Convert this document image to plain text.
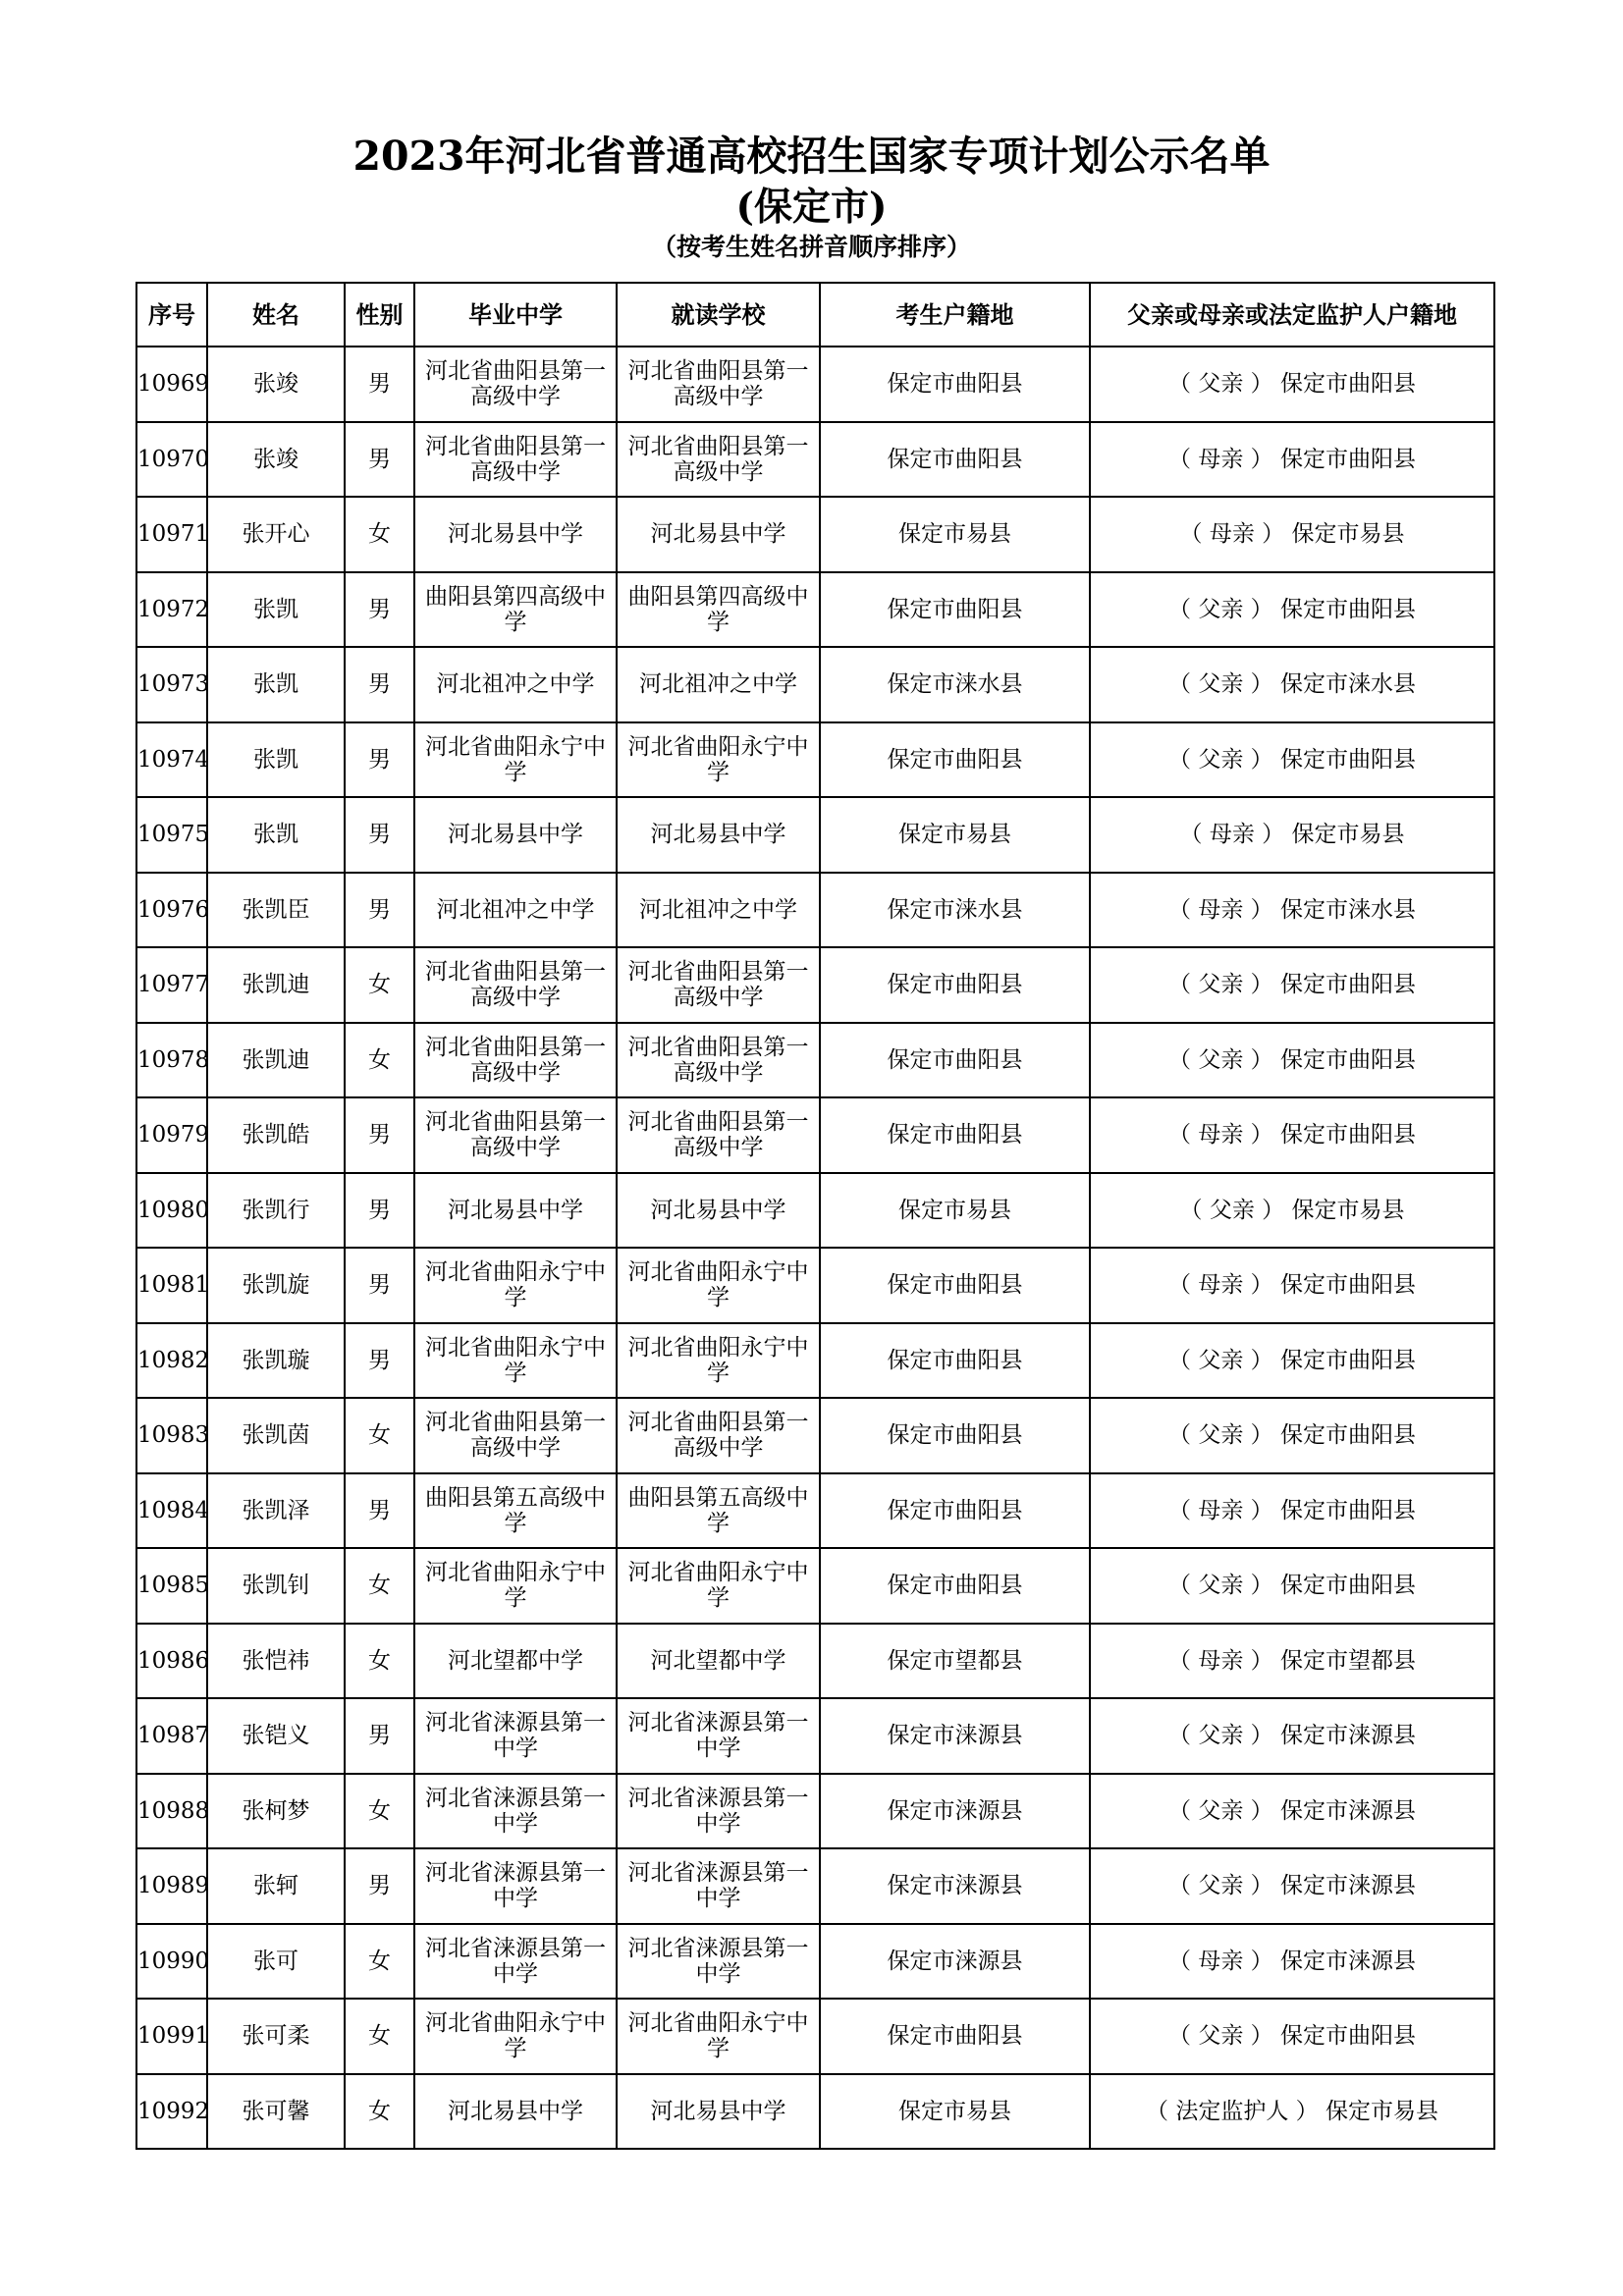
2023年河北省普通高校招生国家专项计划公示名单
(保定市)
（按考生姓名拼音顺序排序）
序号	姓名	性别	毕业中学	就读学校	考生户籍地	父亲或母亲或法定监护人户籍地
10969	张竣	男	河北省曲阳县第一高级中学	河北省曲阳县第一高级中学	保定市曲阳县	（ 父亲 ） 保定市曲阳县
10970	张竣	男	河北省曲阳县第一高级中学	河北省曲阳县第一高级中学	保定市曲阳县	（ 母亲 ） 保定市曲阳县
10971	张开心	女	河北易县中学	河北易县中学	保定市易县	（ 母亲 ） 保定市易县
10972	张凯	男	曲阳县第四高级中学	曲阳县第四高级中学	保定市曲阳县	（ 父亲 ） 保定市曲阳县
10973	张凯	男	河北祖冲之中学	河北祖冲之中学	保定市涞水县	（ 父亲 ） 保定市涞水县
10974	张凯	男	河北省曲阳永宁中学	河北省曲阳永宁中学	保定市曲阳县	（ 父亲 ） 保定市曲阳县
10975	张凯	男	河北易县中学	河北易县中学	保定市易县	（ 母亲 ） 保定市易县
10976	张凯臣	男	河北祖冲之中学	河北祖冲之中学	保定市涞水县	（ 母亲 ） 保定市涞水县
10977	张凯迪	女	河北省曲阳县第一高级中学	河北省曲阳县第一高级中学	保定市曲阳县	（ 父亲 ） 保定市曲阳县
10978	张凯迪	女	河北省曲阳县第一高级中学	河北省曲阳县第一高级中学	保定市曲阳县	（ 父亲 ） 保定市曲阳县
10979	张凯皓	男	河北省曲阳县第一高级中学	河北省曲阳县第一高级中学	保定市曲阳县	（ 母亲 ） 保定市曲阳县
10980	张凯行	男	河北易县中学	河北易县中学	保定市易县	（ 父亲 ） 保定市易县
10981	张凯旋	男	河北省曲阳永宁中学	河北省曲阳永宁中学	保定市曲阳县	（ 母亲 ） 保定市曲阳县
10982	张凯璇	男	河北省曲阳永宁中学	河北省曲阳永宁中学	保定市曲阳县	（ 父亲 ） 保定市曲阳县
10983	张凯茵	女	河北省曲阳县第一高级中学	河北省曲阳县第一高级中学	保定市曲阳县	（ 父亲 ） 保定市曲阳县
10984	张凯泽	男	曲阳县第五高级中学	曲阳县第五高级中学	保定市曲阳县	（ 母亲 ） 保定市曲阳县
10985	张凯钊	女	河北省曲阳永宁中学	河北省曲阳永宁中学	保定市曲阳县	（ 父亲 ） 保定市曲阳县
10986	张恺祎	女	河北望都中学	河北望都中学	保定市望都县	（ 母亲 ） 保定市望都县
10987	张铠义	男	河北省涞源县第一中学	河北省涞源县第一中学	保定市涞源县	（ 父亲 ） 保定市涞源县
10988	张柯梦	女	河北省涞源县第一中学	河北省涞源县第一中学	保定市涞源县	（ 父亲 ） 保定市涞源县
10989	张轲	男	河北省涞源县第一中学	河北省涞源县第一中学	保定市涞源县	（ 父亲 ） 保定市涞源县
10990	张可	女	河北省涞源县第一中学	河北省涞源县第一中学	保定市涞源县	（ 母亲 ） 保定市涞源县
10991	张可柔	女	河北省曲阳永宁中学	河北省曲阳永宁中学	保定市曲阳县	（ 父亲 ） 保定市曲阳县
10992	张可馨	女	河北易县中学	河北易县中学	保定市易县	（ 法定监护人 ） 保定市易县
